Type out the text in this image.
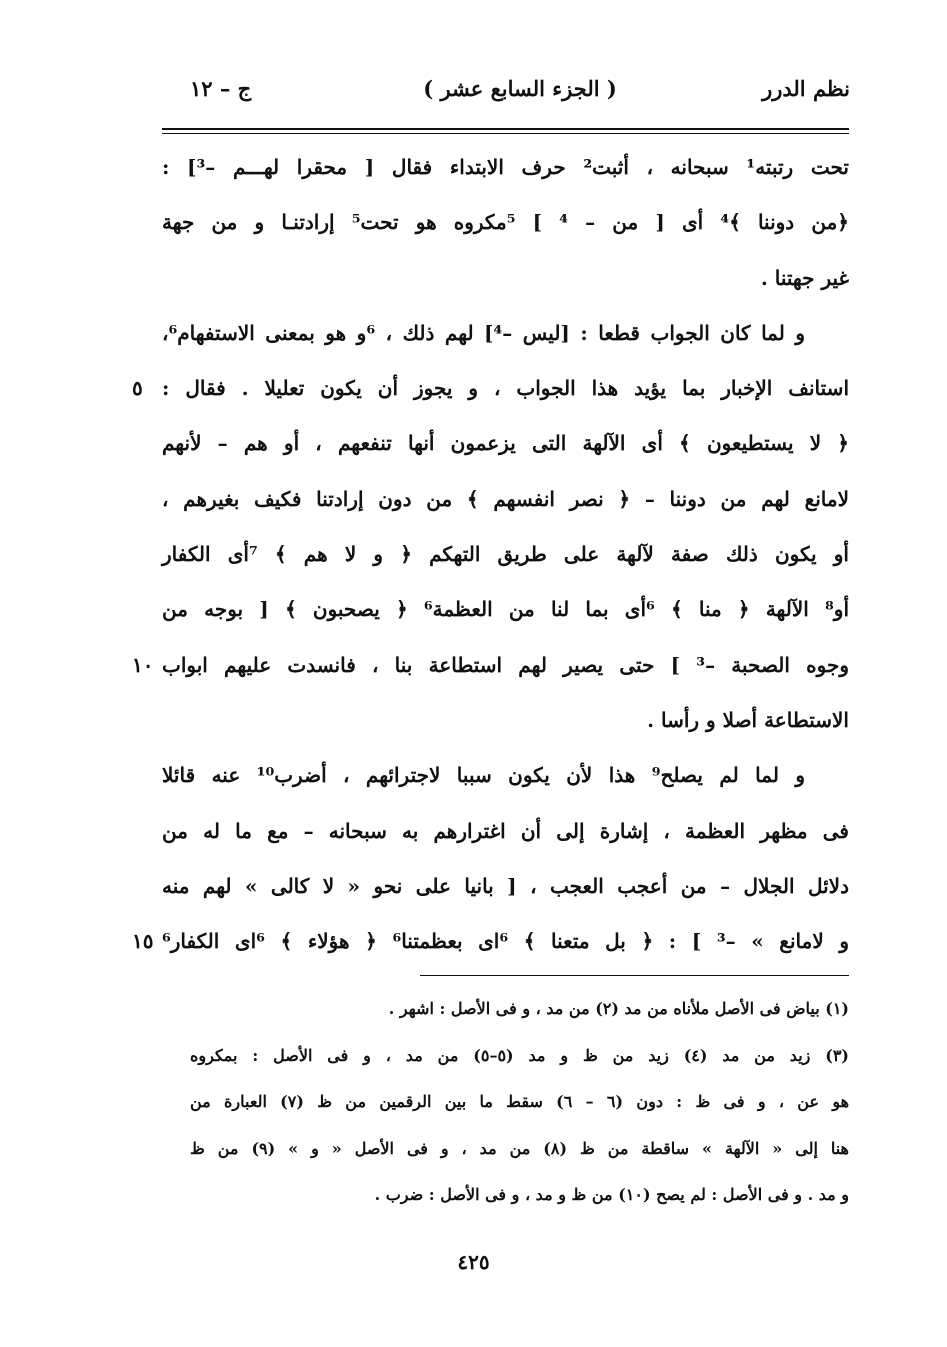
نظم الدرر
( الجزء السابع عشر )
ج – ١٢
تحت رتبته¹ سبحانه ، أثبت² حرف الابتداء فقال [ محقرا لهـــم –³] :
﴿من دوننا ﴾⁴ أى [ من – ⁴ ] ⁵مكروه هو تحت⁵ إرادتنـا و من جهة
غير جهتنا .
و لما كان الجواب قطعا : [ليس –⁴] لهم ذلك ، ⁶و هو بمعنى الاستفهام⁶،
استانف الإخبار بما يؤيد هذا الجواب ، و يجوز أن يكون تعليلا . فقال :
٥
﴿ لا يستطيعون ﴾ أى الآلهة التى يزعمون أنها تنفعهم ، أو هم – لأنهم
لامانع لهم من دوننا – ﴿ نصر انفسهم ﴾ من دون إرادتنا فكيف بغيرهم ،
أو يكون ذلك صفة لآلهة على طريق التهكم ﴿ و لا هم ﴾ ⁷أى الكفار
أو⁸ الآلهة ﴿ منا ﴾ ⁶أى بما لنا من العظمة⁶ ﴿ يصحبون ﴾ [ بوجه من
وجوه الصحبة –³ ] حتى يصير لهم استطاعة بنا ، فانسدت عليهم ابواب
١٠
الاستطاعة أصلا و رأسا .
و لما لم يصلح⁹ هذا لأن يكون سببا لاجترائهم ، أضرب¹⁰ عنه قائلا
فى مظهر العظمة ، إشارة إلى أن اغترارهم به سبحانه – مع ما له من
دلائل الجلال – من أعجب العجب ، [ بانيا على نحو « لا كالى » لهم منه
و لامانع » –³ ] : ﴿ بل متعنا ﴾ ⁶اى بعظمتنا⁶ ﴿ هؤلاء ﴾ ⁶اى الكفار⁶
١٥
(١) بياض فى الأصل ملأناه من مد (٢) من مد ، و فى الأصل : اشهر .
(٣) زيد من مد (٤) زيد من ظ و مد (٥–٥) من مد ، و فى الأصل : بمكروه
هو عن ، و فى ظ : دون (٦ – ٦) سقط ما بين الرقمين من ظ (٧) العبارة من
هنا إلى « الآلهة » ساقطة من ظ (٨) من مد ، و فى الأصل « و » (٩) من ظ
و مد . و فى الأصل : لم يصح (١٠) من ظ و مد ، و فى الأصل : ضرب .
٤٢٥
